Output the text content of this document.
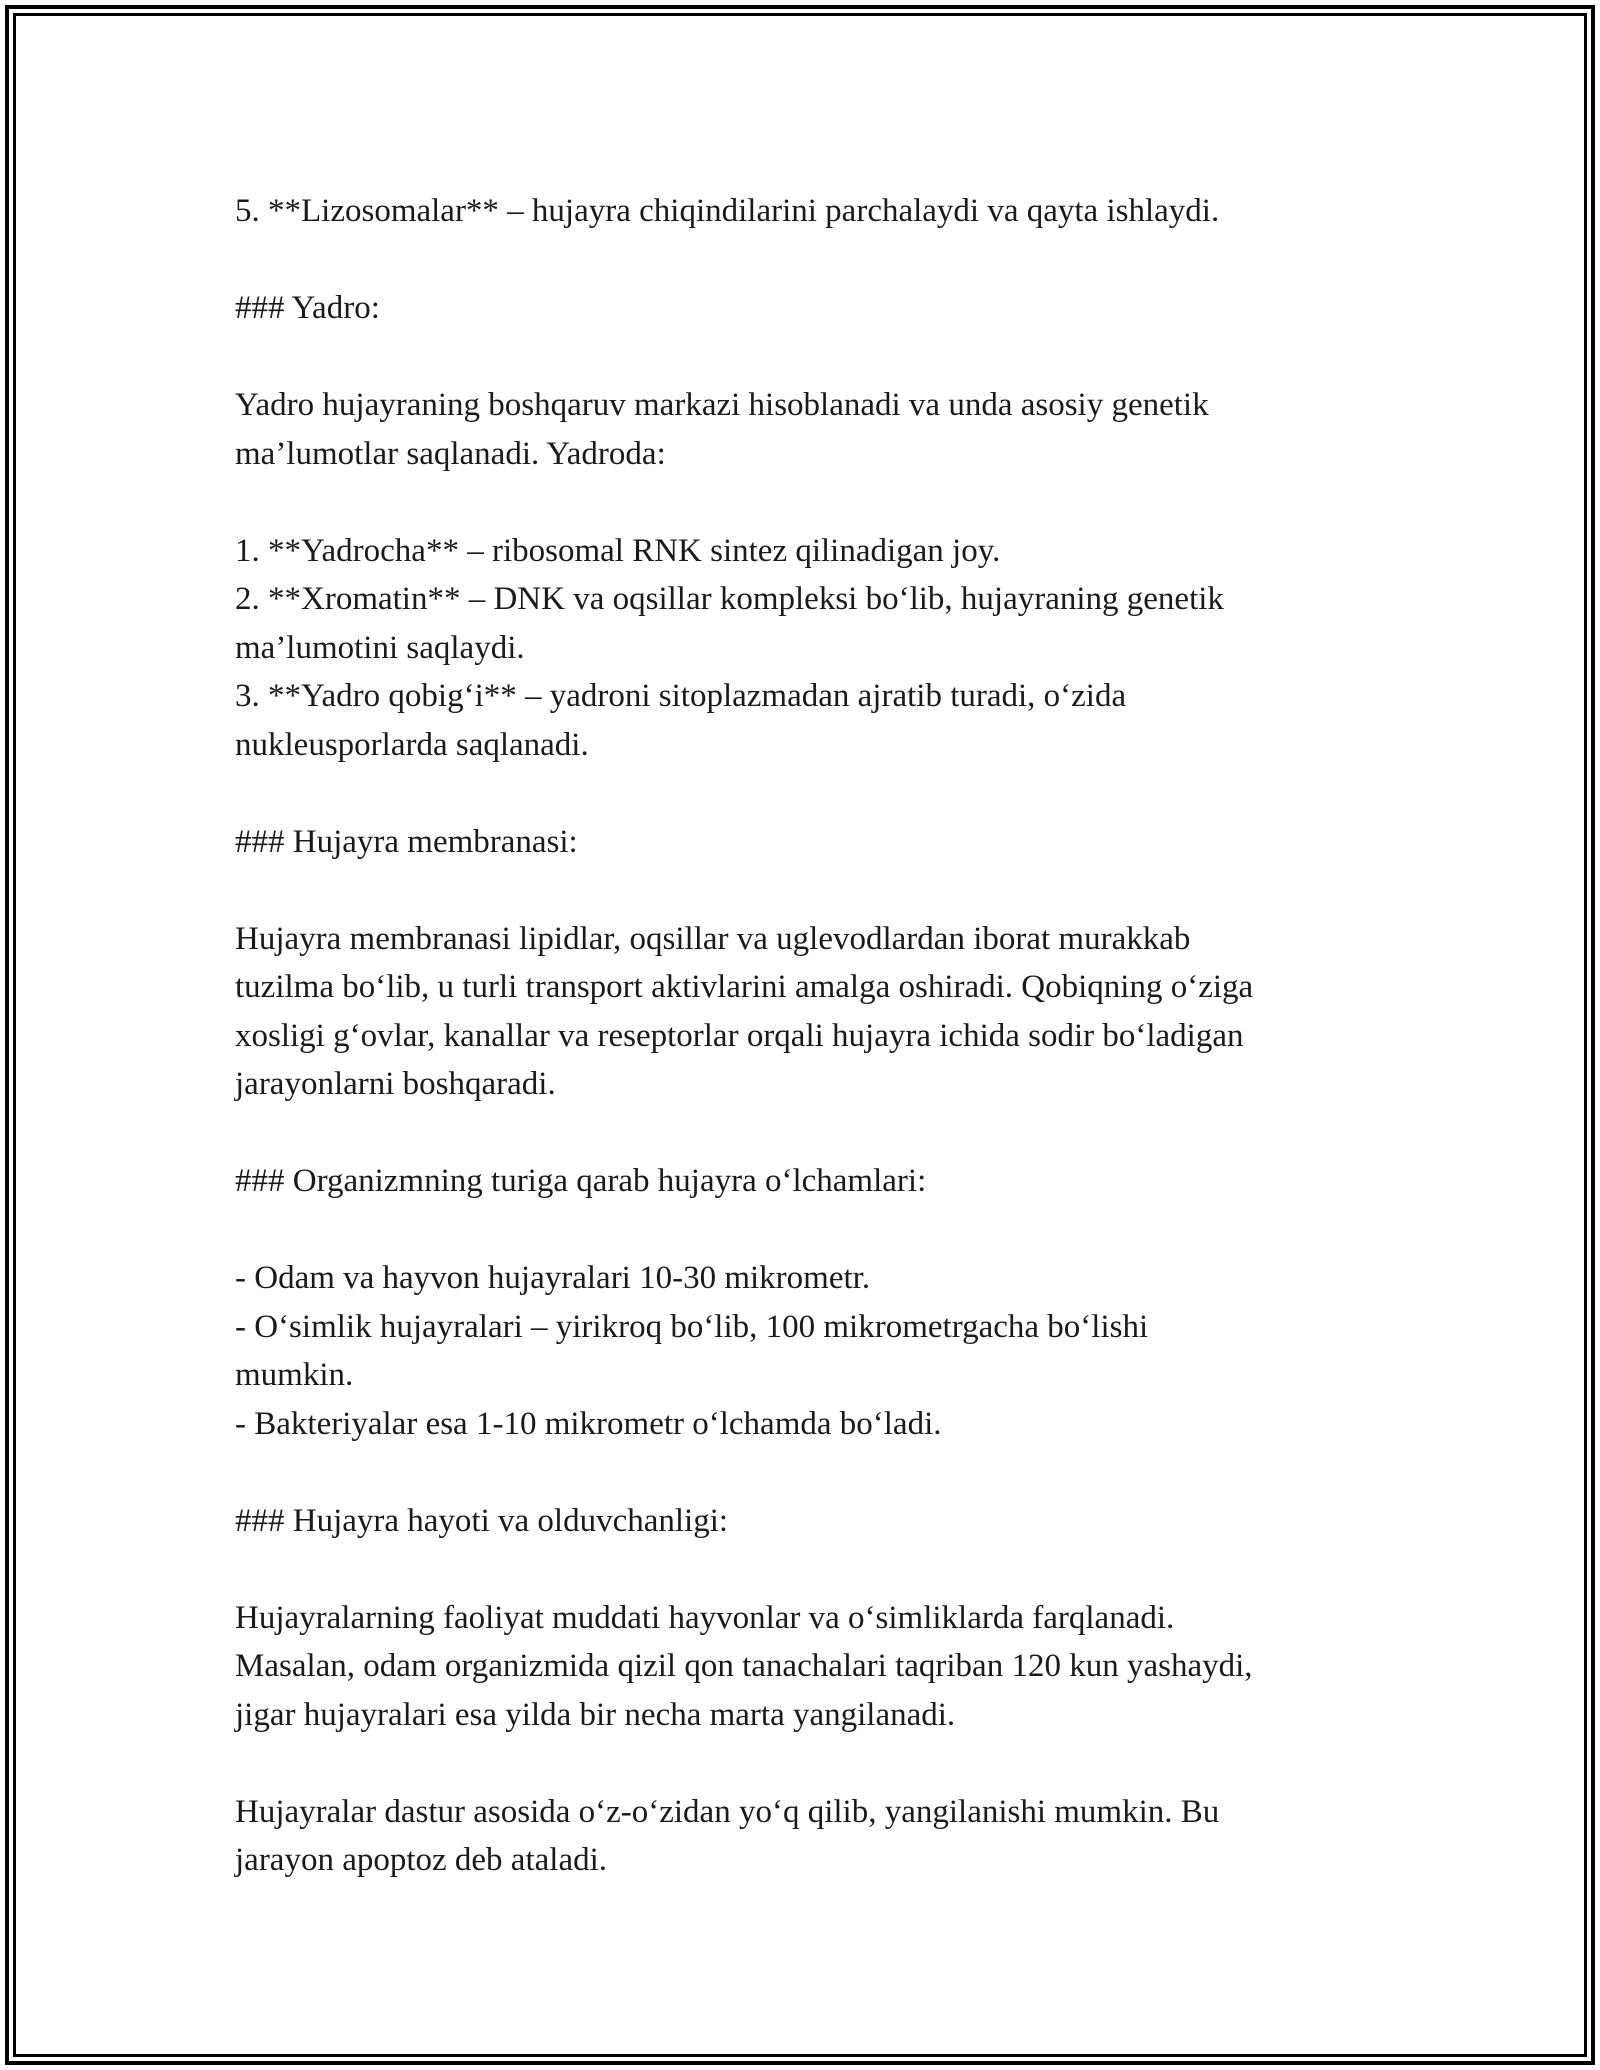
5. **Lizosomalar** – hujayra chiqindilarini parchalaydi va qayta ishlaydi.

### Yadro:

Yadro hujayraning boshqaruv markazi hisoblanadi va unda asosiy genetik
ma’lumotlar saqlanadi. Yadroda:

1. **Yadrocha** – ribosomal RNK sintez qilinadigan joy.
2. **Xromatin** – DNK va oqsillar kompleksi bo‘lib, hujayraning genetik
ma’lumotini saqlaydi.
3. **Yadro qobig‘i** – yadroni sitoplazmadan ajratib turadi, o‘zida
nukleusporlarda saqlanadi.

### Hujayra membranasi:

Hujayra membranasi lipidlar, oqsillar va uglevodlardan iborat murakkab
tuzilma bo‘lib, u turli transport aktivlarini amalga oshiradi. Qobiqning o‘ziga
xosligi g‘ovlar, kanallar va reseptorlar orqali hujayra ichida sodir bo‘ladigan
jarayonlarni boshqaradi.

### Organizmning turiga qarab hujayra o‘lchamlari:

- Odam va hayvon hujayralari 10-30 mikrometr.
- O‘simlik hujayralari – yirikroq bo‘lib, 100 mikrometrgacha bo‘lishi
mumkin.
- Bakteriyalar esa 1-10 mikrometr o‘lchamda bo‘ladi.

### Hujayra hayoti va olduvchanligi:

Hujayralarning faoliyat muddati hayvonlar va o‘simliklarda farqlanadi.
Masalan, odam organizmida qizil qon tanachalari taqriban 120 kun yashaydi,
jigar hujayralari esa yilda bir necha marta yangilanadi.

Hujayralar dastur asosida o‘z-o‘zidan yo‘q qilib, yangilanishi mumkin. Bu
jarayon apoptoz deb ataladi.
